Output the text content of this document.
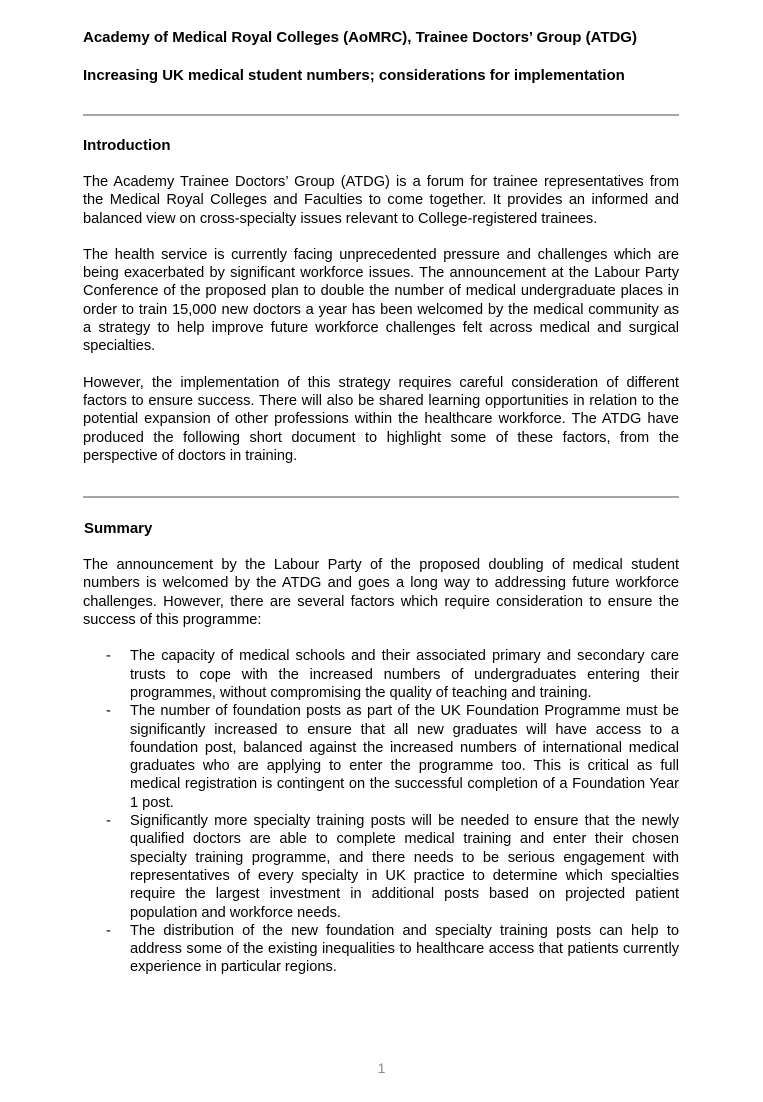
Academy of Medical Royal Colleges (AoMRC), Trainee Doctors’ Group (ATDG)

Increasing UK medical student numbers; considerations for implementation

Introduction

The Academy Trainee Doctors’ Group (ATDG) is a forum for trainee representatives from the Medical Royal Colleges and Faculties to come together. It provides an informed and balanced view on cross-specialty issues relevant to College-registered trainees.

The health service is currently facing unprecedented pressure and challenges which are being exacerbated by significant workforce issues. The announcement at the Labour Party Conference of the proposed plan to double the number of medical undergraduate places in order to train 15,000 new doctors a year has been welcomed by the medical community as a strategy to help improve future workforce challenges felt across medical and surgical specialties.

However, the implementation of this strategy requires careful consideration of different factors to ensure success. There will also be shared learning opportunities in relation to the potential expansion of other professions within the healthcare workforce. The ATDG have produced the following short document to highlight some of these factors, from the perspective of doctors in training.

Summary

The announcement by the Labour Party of the proposed doubling of medical student numbers is welcomed by the ATDG and goes a long way to addressing future workforce challenges. However, there are several factors which require consideration to ensure the success of this programme:

- The capacity of medical schools and their associated primary and secondary care trusts to cope with the increased numbers of undergraduates entering their programmes, without compromising the quality of teaching and training.
- The number of foundation posts as part of the UK Foundation Programme must be significantly increased to ensure that all new graduates will have access to a foundation post, balanced against the increased numbers of international medical graduates who are applying to enter the programme too. This is critical as full medical registration is contingent on the successful completion of a Foundation Year 1 post.
- Significantly more specialty training posts will be needed to ensure that the newly qualified doctors are able to complete medical training and enter their chosen specialty training programme, and there needs to be serious engagement with representatives of every specialty in UK practice to determine which specialties require the largest investment in additional posts based on projected patient population and workforce needs.
- The distribution of the new foundation and specialty training posts can help to address some of the existing inequalities to healthcare access that patients currently experience in particular regions.
1
